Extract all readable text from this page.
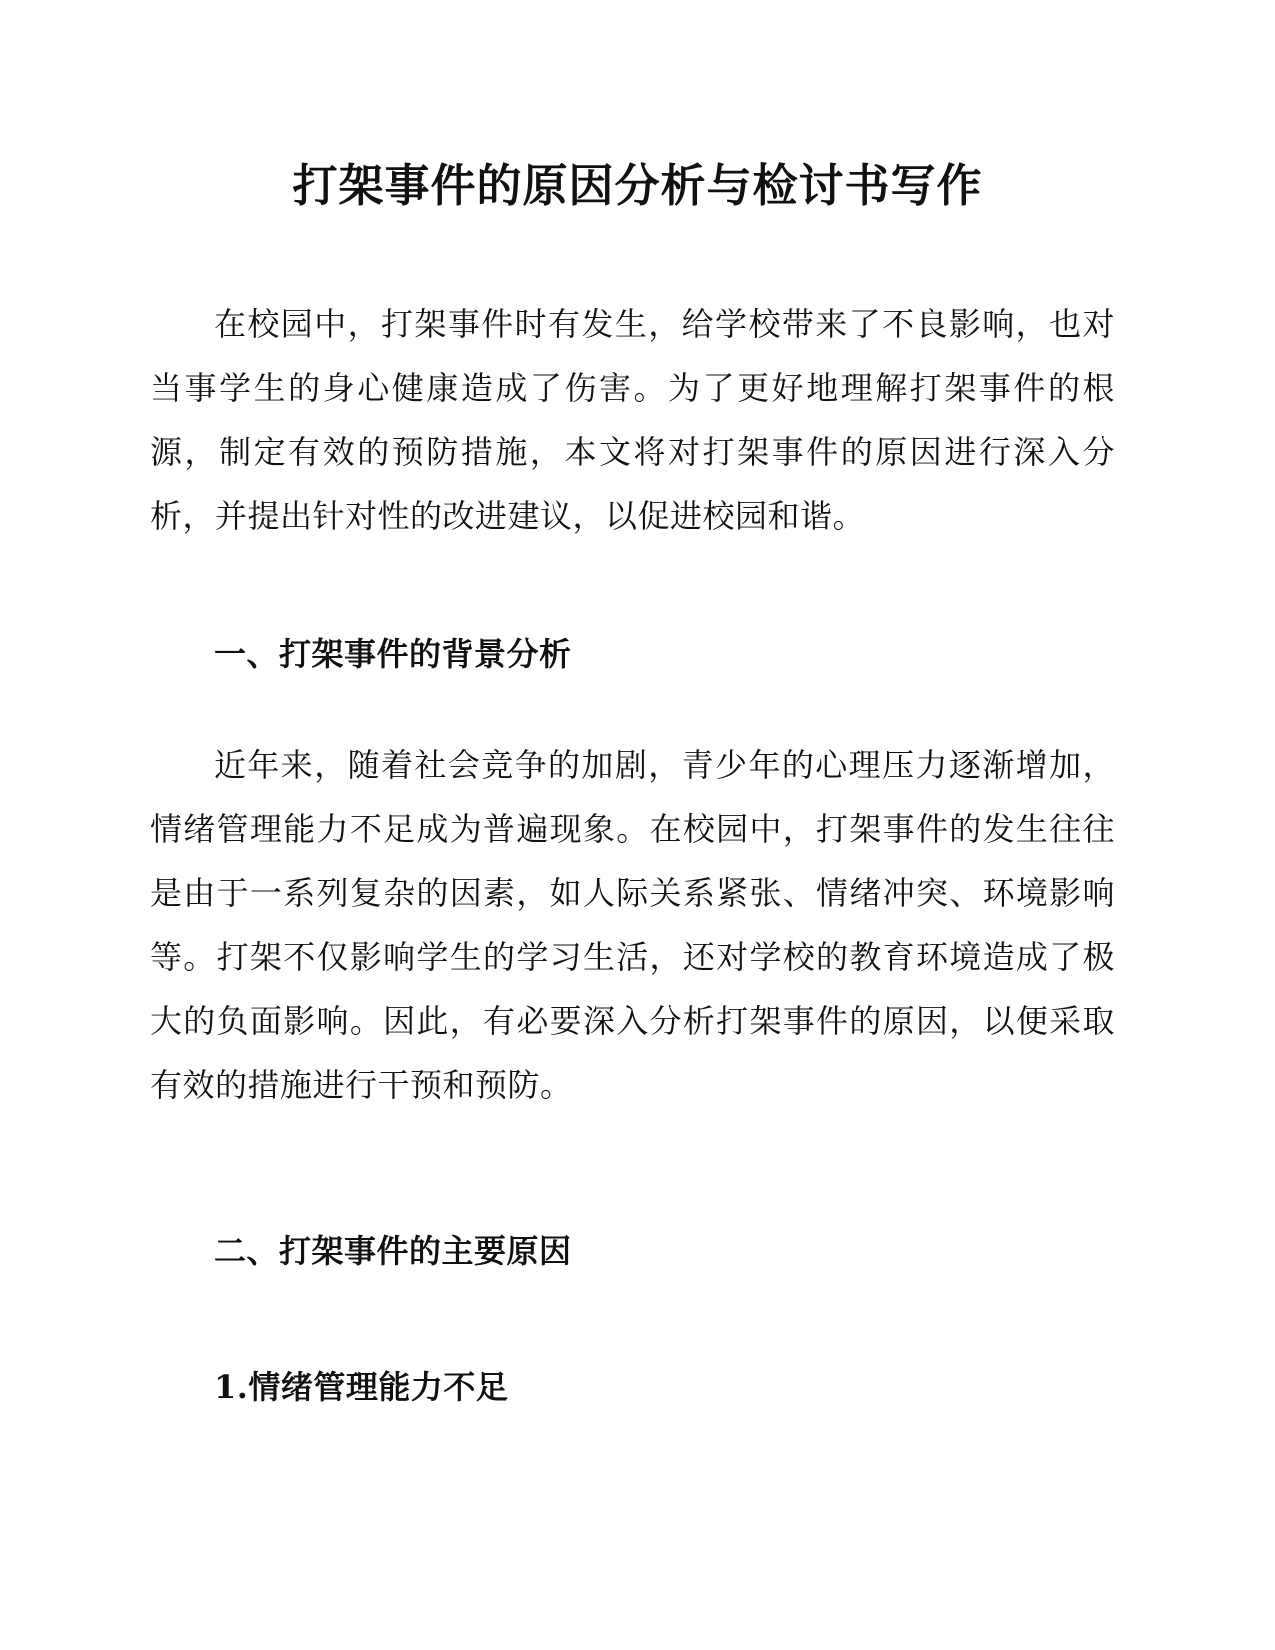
打架事件的原因分析与检讨书写作

在校园中，打架事件时有发生，给学校带来了不良影响，也对当事学生的身心健康造成了伤害。为了更好地理解打架事件的根源，制定有效的预防措施，本文将对打架事件的原因进行深入分析，并提出针对性的改进建议，以促进校园和谐。

一、打架事件的背景分析

近年来，随着社会竞争的加剧，青少年的心理压力逐渐增加，情绪管理能力不足成为普遍现象。在校园中，打架事件的发生往往是由于一系列复杂的因素，如人际关系紧张、情绪冲突、环境影响等。打架不仅影响学生的学习生活，还对学校的教育环境造成了极大的负面影响。因此，有必要深入分析打架事件的原因，以便采取有效的措施进行干预和预防。

二、打架事件的主要原因
1.情绪管理能力不足
